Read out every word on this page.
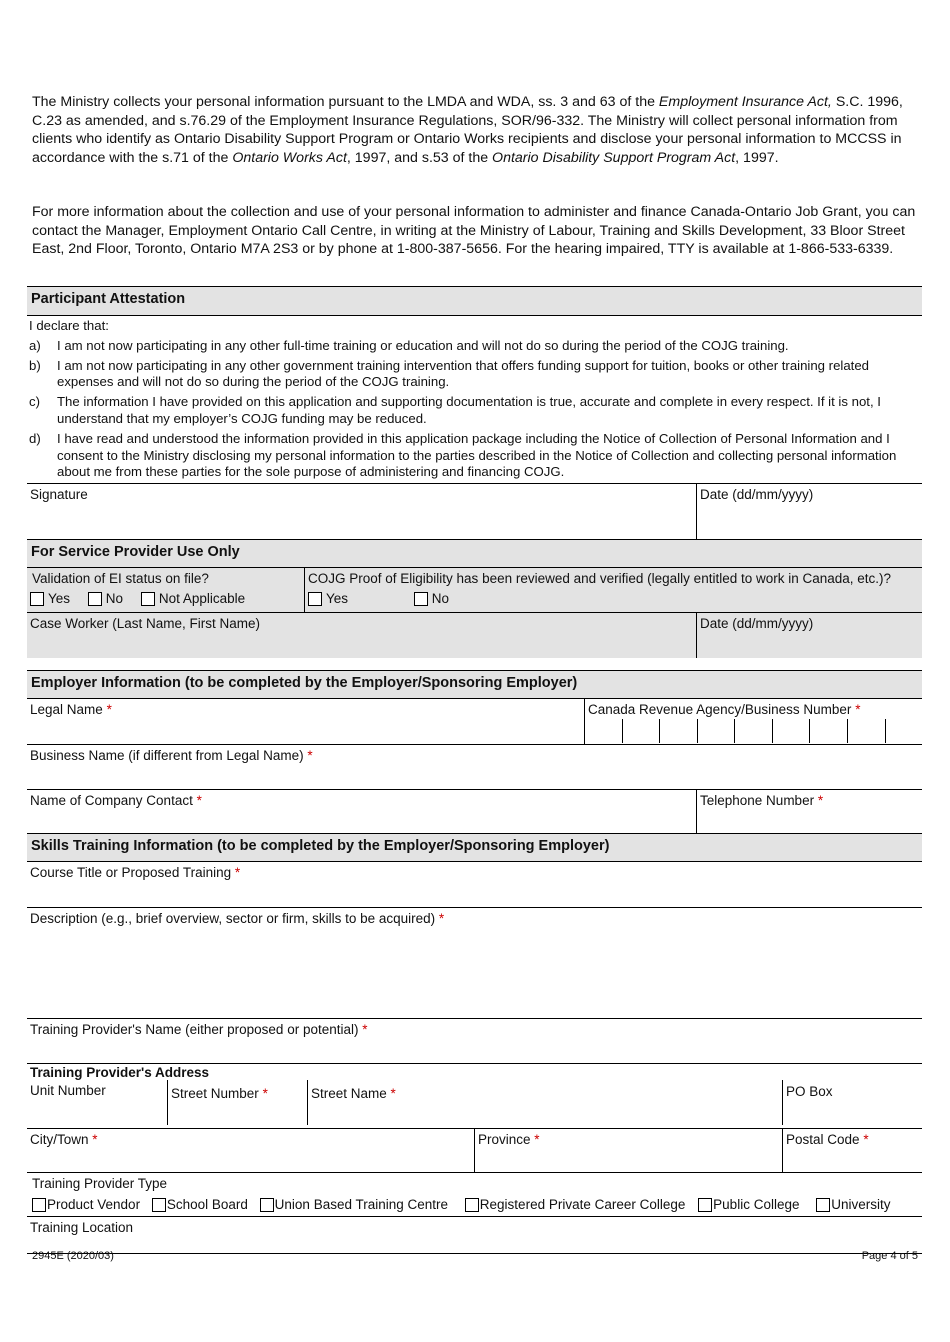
The Ministry collects your personal information pursuant to the LMDA and WDA, ss. 3 and 63 of the Employment Insurance Act, S.C. 1996, C.23 as amended, and s.76.29 of the Employment Insurance Regulations, SOR/96-332. The Ministry will collect personal information from clients who identify as Ontario Disability Support Program or Ontario Works recipients and disclose your personal information to MCCSS in accordance with the s.71 of the Ontario Works Act, 1997, and s.53 of the Ontario Disability Support Program Act, 1997.

For more information about the collection and use of your personal information to administer and finance Canada-Ontario Job Grant, you can contact the Manager, Employment Ontario Call Centre, in writing at the Ministry of Labour, Training and Skills Development, 33 Bloor Street East, 2nd Floor, Toronto, Ontario M7A 2S3 or by phone at 1-800-387-5656. For the hearing impaired, TTY is available at 1-866-533-6339.

Participant Attestation
I declare that:
a)	I am not now participating in any other full-time training or education and will not do so during the period of the COJG training.
b)	I am not now participating in any other government training intervention that offers funding support for tuition, books or other training related expenses and will not do so during the period of the COJG training.
c)	The information I have provided on this application and supporting documentation is true, accurate and complete in every respect. If it is not, I understand that my employer’s COJG funding may be reduced.
d)	I have read and understood the information provided in this application package including the Notice of Collection of Personal Information and I consent to the Ministry disclosing my personal information to the parties described in the Notice of Collection and collecting personal information about me from these parties for the sole purpose of administering and financing COJG.
Signature	Date (dd/mm/yyyy)
For Service Provider Use Only
Validation of EI status on file?
Yes	No	Not Applicable
COJG Proof of Eligibility has been reviewed and verified (legally entitled to work in Canada, etc.)?
Yes	No
Case Worker (Last Name, First Name)	Date (dd/mm/yyyy)
Employer Information (to be completed by the Employer/Sponsoring Employer)
Legal Name *	Canada Revenue Agency/Business Number *
Business Name (if different from Legal Name) *
Name of Company Contact *	Telephone Number *
Skills Training Information (to be completed by the Employer/Sponsoring Employer)
Course Title or Proposed Training *
Description (e.g., brief overview, sector or firm, skills to be acquired) *
Training Provider's Name (either proposed or potential) *
Training Provider's Address
Unit Number	Street Number *	Street Name *	PO Box
City/Town *	Province *	Postal Code *
Training Provider Type
Product Vendor School Board Union Based Training Centre Registered Private Career College Public College University
Training Location
2945E (2020/03)	Page 4 of 5
